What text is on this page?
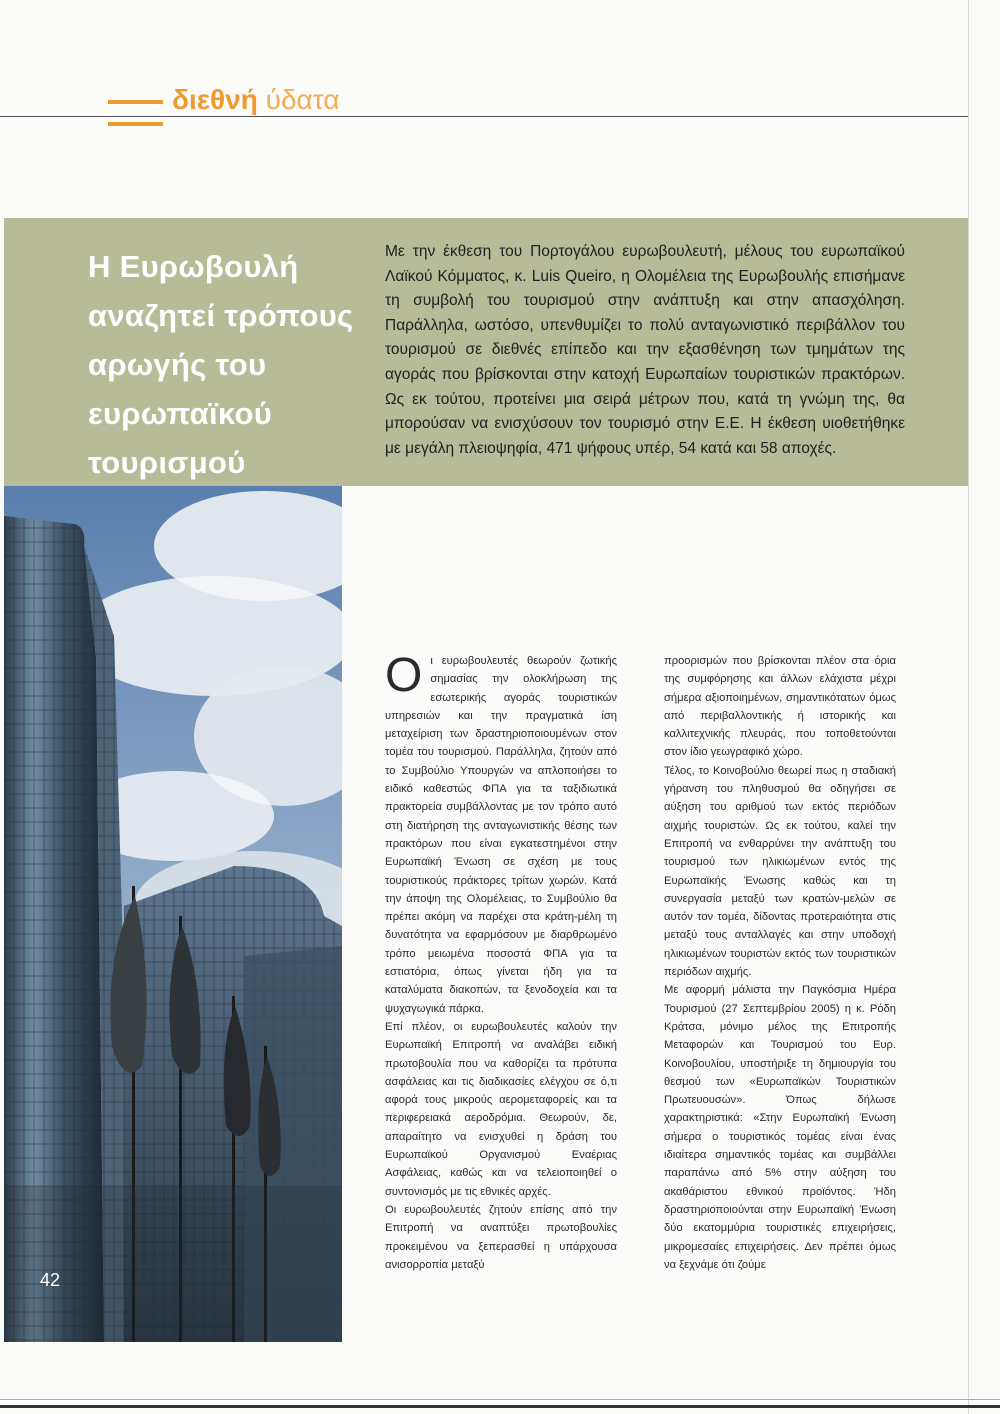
διεθνή ύδατα
Η Ευρωβουλή αναζητεί τρόπους αρωγής του ευρωπαϊκού τουρισμού
Με την έκθεση του Πορτογάλου ευρωβουλευτή, μέλους του ευρωπαϊκού Λαϊκού Κόμματος, κ. Luis Queiro, η Ολομέλεια της Ευρωβουλής επισήμανε τη συμβολή του τουρισμού στην ανάπτυξη και στην απασχόληση. Παράλληλα, ωστόσο, υπενθυμίζει το πολύ ανταγωνιστικό περιβάλλον του τουρισμού σε διεθνές επίπεδο και την εξασθένηση των τμημάτων της αγοράς που βρίσκονται στην κατοχή Ευρωπαίων τουριστικών πρακτόρων. Ως εκ τούτου, προτείνει μια σειρά μέτρων που, κατά τη γνώμη της, θα μπορούσαν να ενισχύσουν τον τουρισμό στην Ε.Ε. Η έκθεση υιοθετήθηκε με μεγάλη πλειοψηφία, 471 ψήφους υπέρ, 54 κατά και 58 αποχές.
42
Ο ι ευρωβουλευτές θεωρούν ζωτικής σημασίας την ολοκλήρωση της εσωτερικής αγοράς τουριστικών υπηρεσιών και την πραγματικά ίση μεταχείριση των δραστηριοποιουμένων στον τομέα του τουρισμού. Παράλληλα, ζητούν από το Συμβούλιο Υπουργών να απλοποιήσει το ειδικό καθεστώς ΦΠΑ για τα ταξιδιωτικά πρακτορεία συμβάλλοντας με τον τρόπο αυτό στη διατήρηση της ανταγωνιστικής θέσης των πρακτόρων που είναι εγκατεστημένοι στην Ευρωπαϊκή Ένωση σε σχέση με τους τουριστικούς πράκτορες τρίτων χωρών. Κατά την άποψη της Ολομέλειας, το Συμβούλιο θα πρέπει ακόμη να παρέχει στα κράτη-μέλη τη δυνατότητα να εφαρμόσουν με διαρθρωμένο τρόπο μειωμένα ποσοστά ΦΠΑ για τα εστιατόρια, όπως γίνεται ήδη για τα καταλύματα διακοπών, τα ξενοδοχεία και τα ψυχαγωγικά πάρκα.

Επί πλέον, οι ευρωβουλευτές καλούν την Ευρωπαϊκή Επιτροπή να αναλάβει ειδική πρωτοβουλία που να καθορίζει τα πρότυπα ασφάλειας και τις διαδικασίες ελέγχου σε ό,τι αφορά τους μικρούς αερομεταφορείς και τα περιφερειακά αεροδρόμια. Θεωρούν, δε, απαραίτητο να ενισχυθεί η δράση του Ευρωπαϊκού Οργανισμού Εναέριας Ασφάλειας, καθώς και να τελειοποιηθεί ο συντονισμός με τις εθνικές αρχές.

Οι ευρωβουλευτές ζητούν επίσης από την Επιτροπή να αναπτύξει πρωτοβουλίες προκειμένου να ξεπερασθεί η υπάρχουσα ανισορροπία μεταξύ

προορισμών που βρίσκονται πλέον στα όρια της συμφόρησης και άλλων ελάχιστα μέχρι σήμερα αξιοποιημένων, σημαντικότατων όμως από περιβαλλοντικής ή ιστορικής και καλλιτεχνικής πλευράς, που τοποθετούνται στον ίδιο γεωγραφικό χώρο.

Τέλος, το Κοινοβούλιο θεωρεί πως η σταδιακή γήρανση του πληθυσμού θα οδηγήσει σε αύξηση του αριθμού των εκτός περιόδων αιχμής τουριστών. Ως εκ τούτου, καλεί την Επιτροπή να ενθαρρύνει την ανάπτυξη του τουρισμού των ηλικιωμένων εντός της Ευρωπαϊκής Ένωσης καθώς και τη συνεργασία μεταξύ των κρατών-μελών σε αυτόν τον τομέα, δίδοντας προτεραιότητα στις μεταξύ τους ανταλλαγές και στην υποδοχή ηλικιωμένων τουριστών εκτός των τουριστικών περιόδων αιχμής.

Με αφορμή μάλιστα την Παγκόσμια Ημέρα Τουρισμού (27 Σεπτεμβρίου 2005) η κ. Ρόδη Κράτσα, μόνιμο μέλος της Επιτροπής Μεταφορών και Τουρισμού του Ευρ. Κοινοβουλίου, υποστήριξε τη δημιουργία του θεσμού των «Ευρωπαϊκών Τουριστικών Πρωτευουσών». Όπως δήλωσε χαρακτηριστικά: «Στην Ευρωπαϊκή Ένωση σήμερα ο τουριστικός τομέας είναι ένας ιδιαίτερα σημαντικός τομέας και συμβάλλει παραπάνω από 5% στην αύξηση του ακαθάριστου εθνικού προϊόντος. Ήδη δραστηριοποιούνται στην Ευρωπαϊκή Ένωση δύο εκατομμύρια τουριστικές επιχειρήσεις, μικρομεσαίες επιχειρήσεις. Δεν πρέπει όμως να ξεχνάμε ότι ζούμε
